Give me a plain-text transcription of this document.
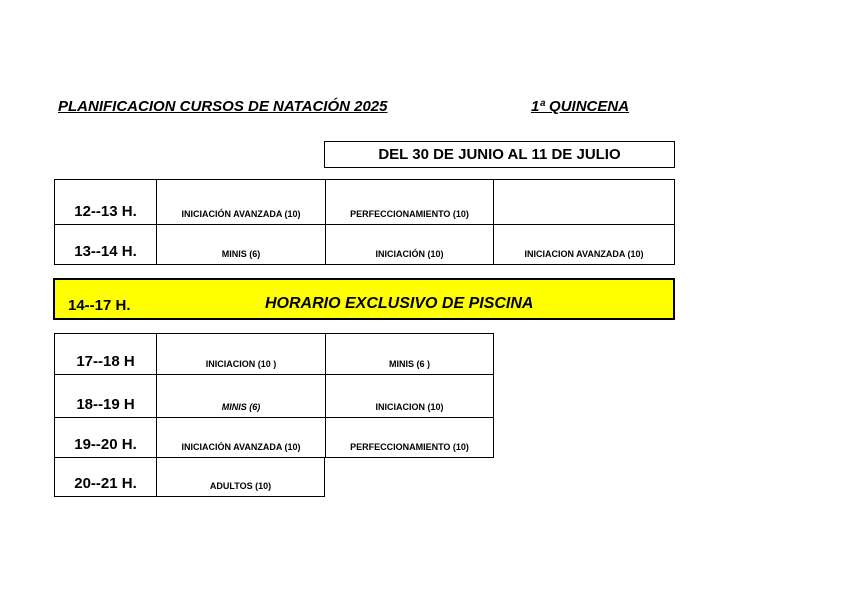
PLANIFICACION CURSOS DE NATACIÓN 2025	1ª QUINCENA
DEL 30 DE JUNIO AL 11 DE JULIO
12--13 H.	INICIACIÓN AVANZADA (10)	PERFECCIONAMIENTO (10)
13--14 H.	MINIS (6)	INICIACIÓN (10)	INICIACION AVANZADA (10)
14--17 H.	HORARIO EXCLUSIVO DE PISCINA
17--18 H	INICIACION (10 )	MINIS (6 )
18--19 H	MINIS (6)	INICIACION (10)
19--20 H.	INICIACIÓN AVANZADA (10)	PERFECCIONAMIENTO (10)
20--21 H.	ADULTOS (10)
